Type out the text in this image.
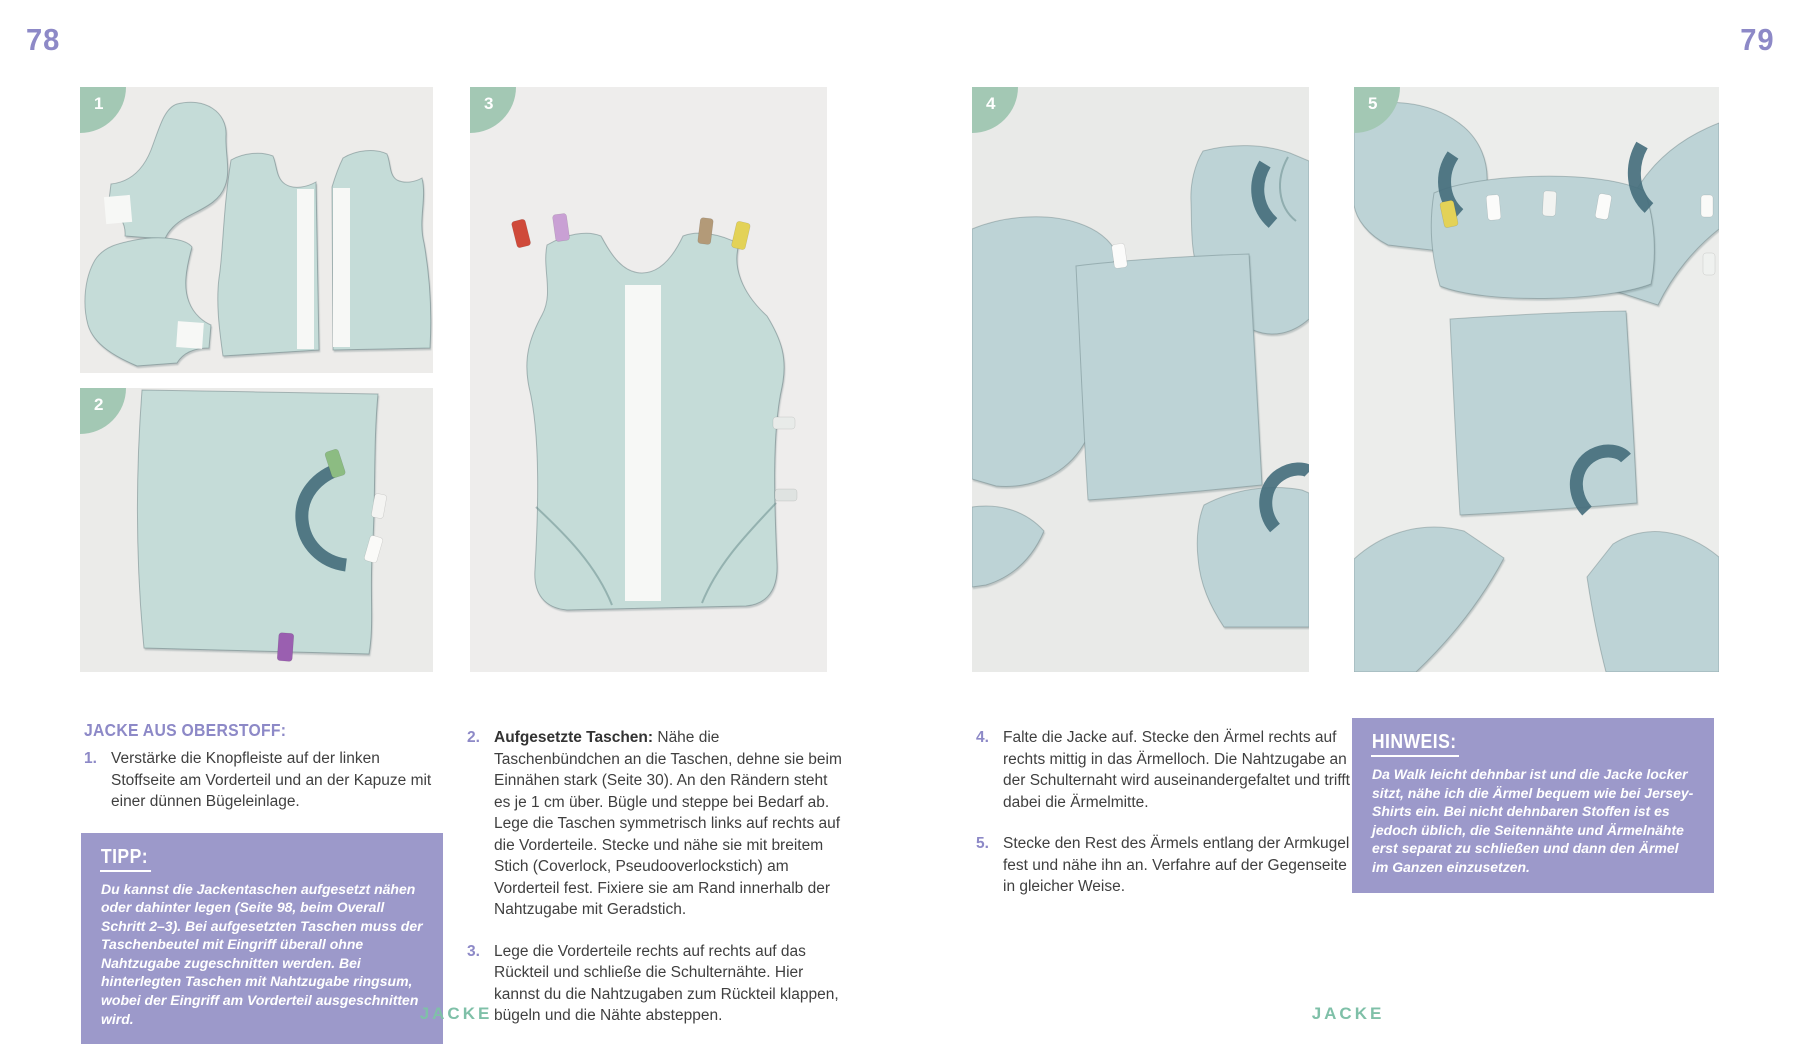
78	79
1
2
3	4	5
JACKE AUS OBERSTOFF:
1. Verstärke die Knopfleiste auf der linken Stoffseite am Vorderteil und an der Kapuze mit einer dünnen Bügeleinlage.

TIPP:

Du kannst die Jackentaschen aufgesetzt nähen oder dahinter legen (Seite 98, beim Overall Schritt 2–3). Bei aufgesetzten Taschen muss der Taschenbeutel mit Eingriff überall ohne Nahtzugabe zugeschnitten werden. Bei hinterlegten Taschen mit Nahtzugabe ringsum, wobei der Eingriff am Vorderteil ausgeschnitten wird.

2. Aufgesetzte Taschen: Nähe die Taschenbündchen an die Taschen, dehne sie beim Einnähen stark (Seite 30). An den Rändern steht es je 1 cm über. Bügle und steppe bei Bedarf ab. Lege die Taschen symmetrisch links auf rechts auf die Vorderteile. Stecke und nähe sie mit breitem Stich (Coverlock, Pseudooverlockstich) am Vorderteil fest. Fixiere sie am Rand innerhalb der Nahtzugabe mit Geradstich.

3. Lege die Vorderteile rechts auf rechts auf das Rückteil und schließe die Schulternähte. Hier kannst du die Nahtzugaben zum Rückteil klappen, bügeln und die Nähte absteppen.

4. Falte die Jacke auf. Stecke den Ärmel rechts auf rechts mittig in das Ärmelloch. Die Nahtzugabe an der Schulternaht wird auseinandergefaltet und trifft dabei die Ärmelmitte.

5. Stecke den Rest des Ärmels entlang der Armkugel fest und nähe ihn an. Verfahre auf der Gegenseite in gleicher Weise.

HINWEIS:

Da Walk leicht dehnbar ist und die Jacke locker sitzt, nähe ich die Ärmel bequem wie bei Jersey-Shirts ein. Bei nicht dehnbaren Stoffen ist es jedoch üblich, die Seitennähte und Ärmelnähte erst separat zu schließen und dann den Ärmel im Ganzen einzusetzen.

JACKE	JACKE
